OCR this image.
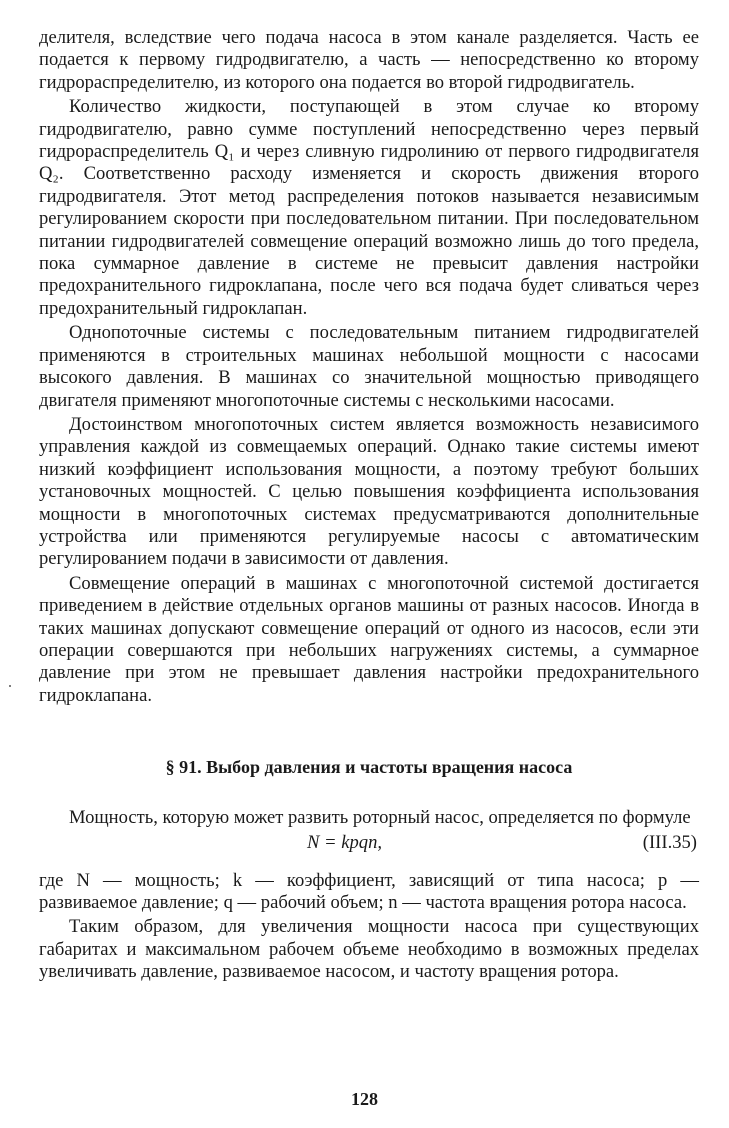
делителя, вследствие чего подача насоса в этом канале разделяется. Часть ее подается к первому гидродвигателю, а часть — непосредственно ко второму гидрораспределителю, из которого она подается во второй гидродвигатель.

Количество жидкости, поступающей в этом случае ко второму гидродвигателю, равно сумме поступлений непосредственно через первый гидрораспределитель Q₁ и через сливную гидролинию от первого гидродвигателя Q₂. Соответственно расходу изменяется и скорость движения второго гидродвигателя. Этот метод распределения потоков называется независимым регулированием скорости при последовательном питании. При последовательном питании гидродвигателей совмещение операций возможно лишь до того предела, пока суммарное давление в системе не превысит давления настройки предохранительного гидроклапана, после чего вся подача будет сливаться через предохранительный гидроклапан.

Однопоточные системы с последовательным питанием гидродвигателей применяются в строительных машинах небольшой мощности с насосами высокого давления. В машинах со значительной мощностью приводящего двигателя применяют многопоточные системы с несколькими насосами.

Достоинством многопоточных систем является возможность независимого управления каждой из совмещаемых операций. Однако такие системы имеют низкий коэффициент использования мощности, а поэтому требуют больших установочных мощностей. С целью повышения коэффициента использования мощности в многопоточных системах предусматриваются дополнительные устройства или применяются регулируемые насосы с автоматическим регулированием подачи в зависимости от давления.

Совмещение операций в машинах с многопоточной системой достигается приведением в действие отдельных органов машины от разных насосов. Иногда в таких машинах допускают совмещение операций от одного из насосов, если эти операции совершаются при небольших нагружениях системы, а суммарное давление при этом не превышает давления настройки предохранительного гидроклапана.

§ 91. Выбор давления и частоты вращения насоса

Мощность, которую может развить роторный насос, определяется по формуле

N = kpqn,	(III.35)

где N — мощность; k — коэффициент, зависящий от типа насоса; p — развиваемое давление; q — рабочий объем; n — частота вращения ротора насоса.

Таким образом, для увеличения мощности насоса при существующих габаритах и максимальном рабочем объеме необходимо в возможных пределах увеличивать давление, развиваемое насосом, и частоту вращения ротора.

128
